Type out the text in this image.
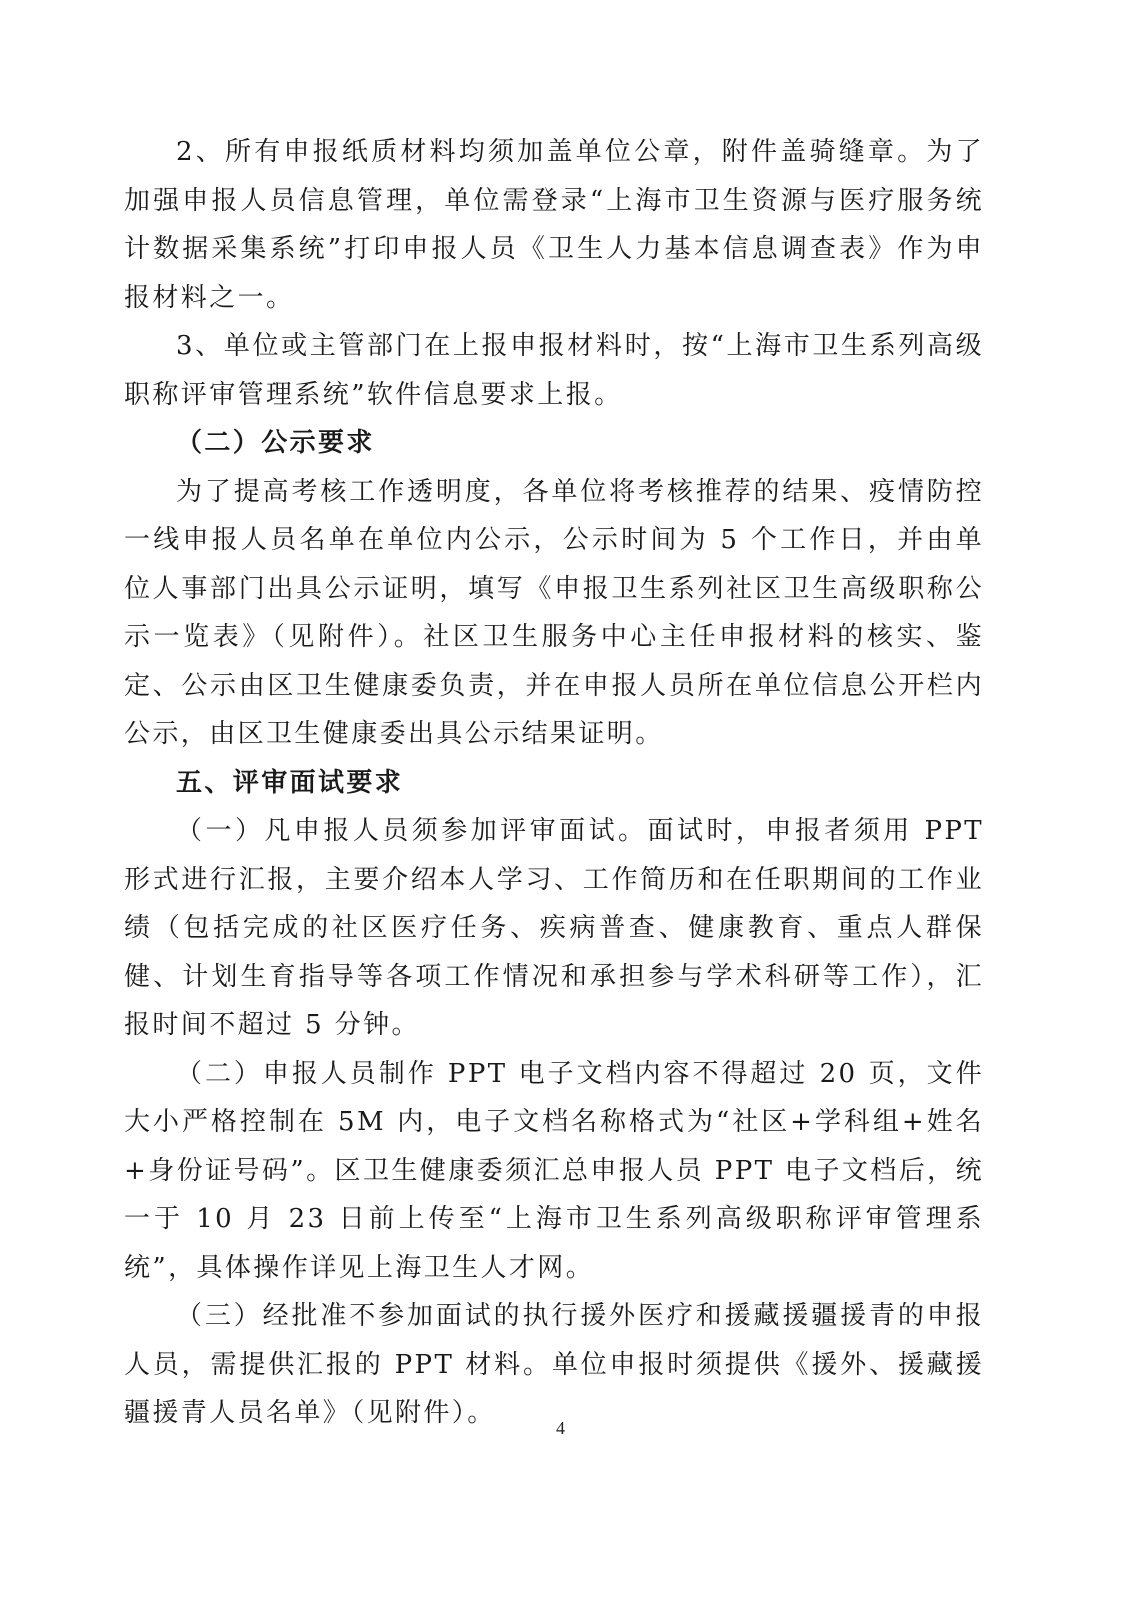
2、所有申报纸质材料均须加盖单位公章，附件盖骑缝章。为了加强申报人员信息管理，单位需登录“上海市卫生资源与医疗服务统计数据采集系统”打印申报人员《卫生人力基本信息调查表》作为申报材料之一。

3、单位或主管部门在上报申报材料时，按“上海市卫生系列高级职称评审管理系统”软件信息要求上报。

（二）公示要求

为了提高考核工作透明度，各单位将考核推荐的结果、疫情防控一线申报人员名单在单位内公示，公示时间为 5 个工作日，并由单位人事部门出具公示证明，填写《申报卫生系列社区卫生高级职称公示一览表》（见附件）。社区卫生服务中心主任申报材料的核实、鉴定、公示由区卫生健康委负责，并在申报人员所在单位信息公开栏内公示，由区卫生健康委出具公示结果证明。

五、评审面试要求

（一）凡申报人员须参加评审面试。面试时，申报者须用 PPT 形式进行汇报，主要介绍本人学习、工作简历和在任职期间的工作业绩（包括完成的社区医疗任务、疾病普查、健康教育、重点人群保健、计划生育指导等各项工作情况和承担参与学术科研等工作），汇报时间不超过 5 分钟。

（二）申报人员制作 PPT 电子文档内容不得超过 20 页，文件大小严格控制在 5M 内，电子文档名称格式为“社区+学科组+姓名+身份证号码”。区卫生健康委须汇总申报人员 PPT 电子文档后，统一于 10 月 23 日前上传至“上海市卫生系列高级职称评审管理系统”，具体操作详见上海卫生人才网。

（三）经批准不参加面试的执行援外医疗和援藏援疆援青的申报人员，需提供汇报的 PPT 材料。单位申报时须提供《援外、援藏援疆援青人员名单》（见附件）。	4
